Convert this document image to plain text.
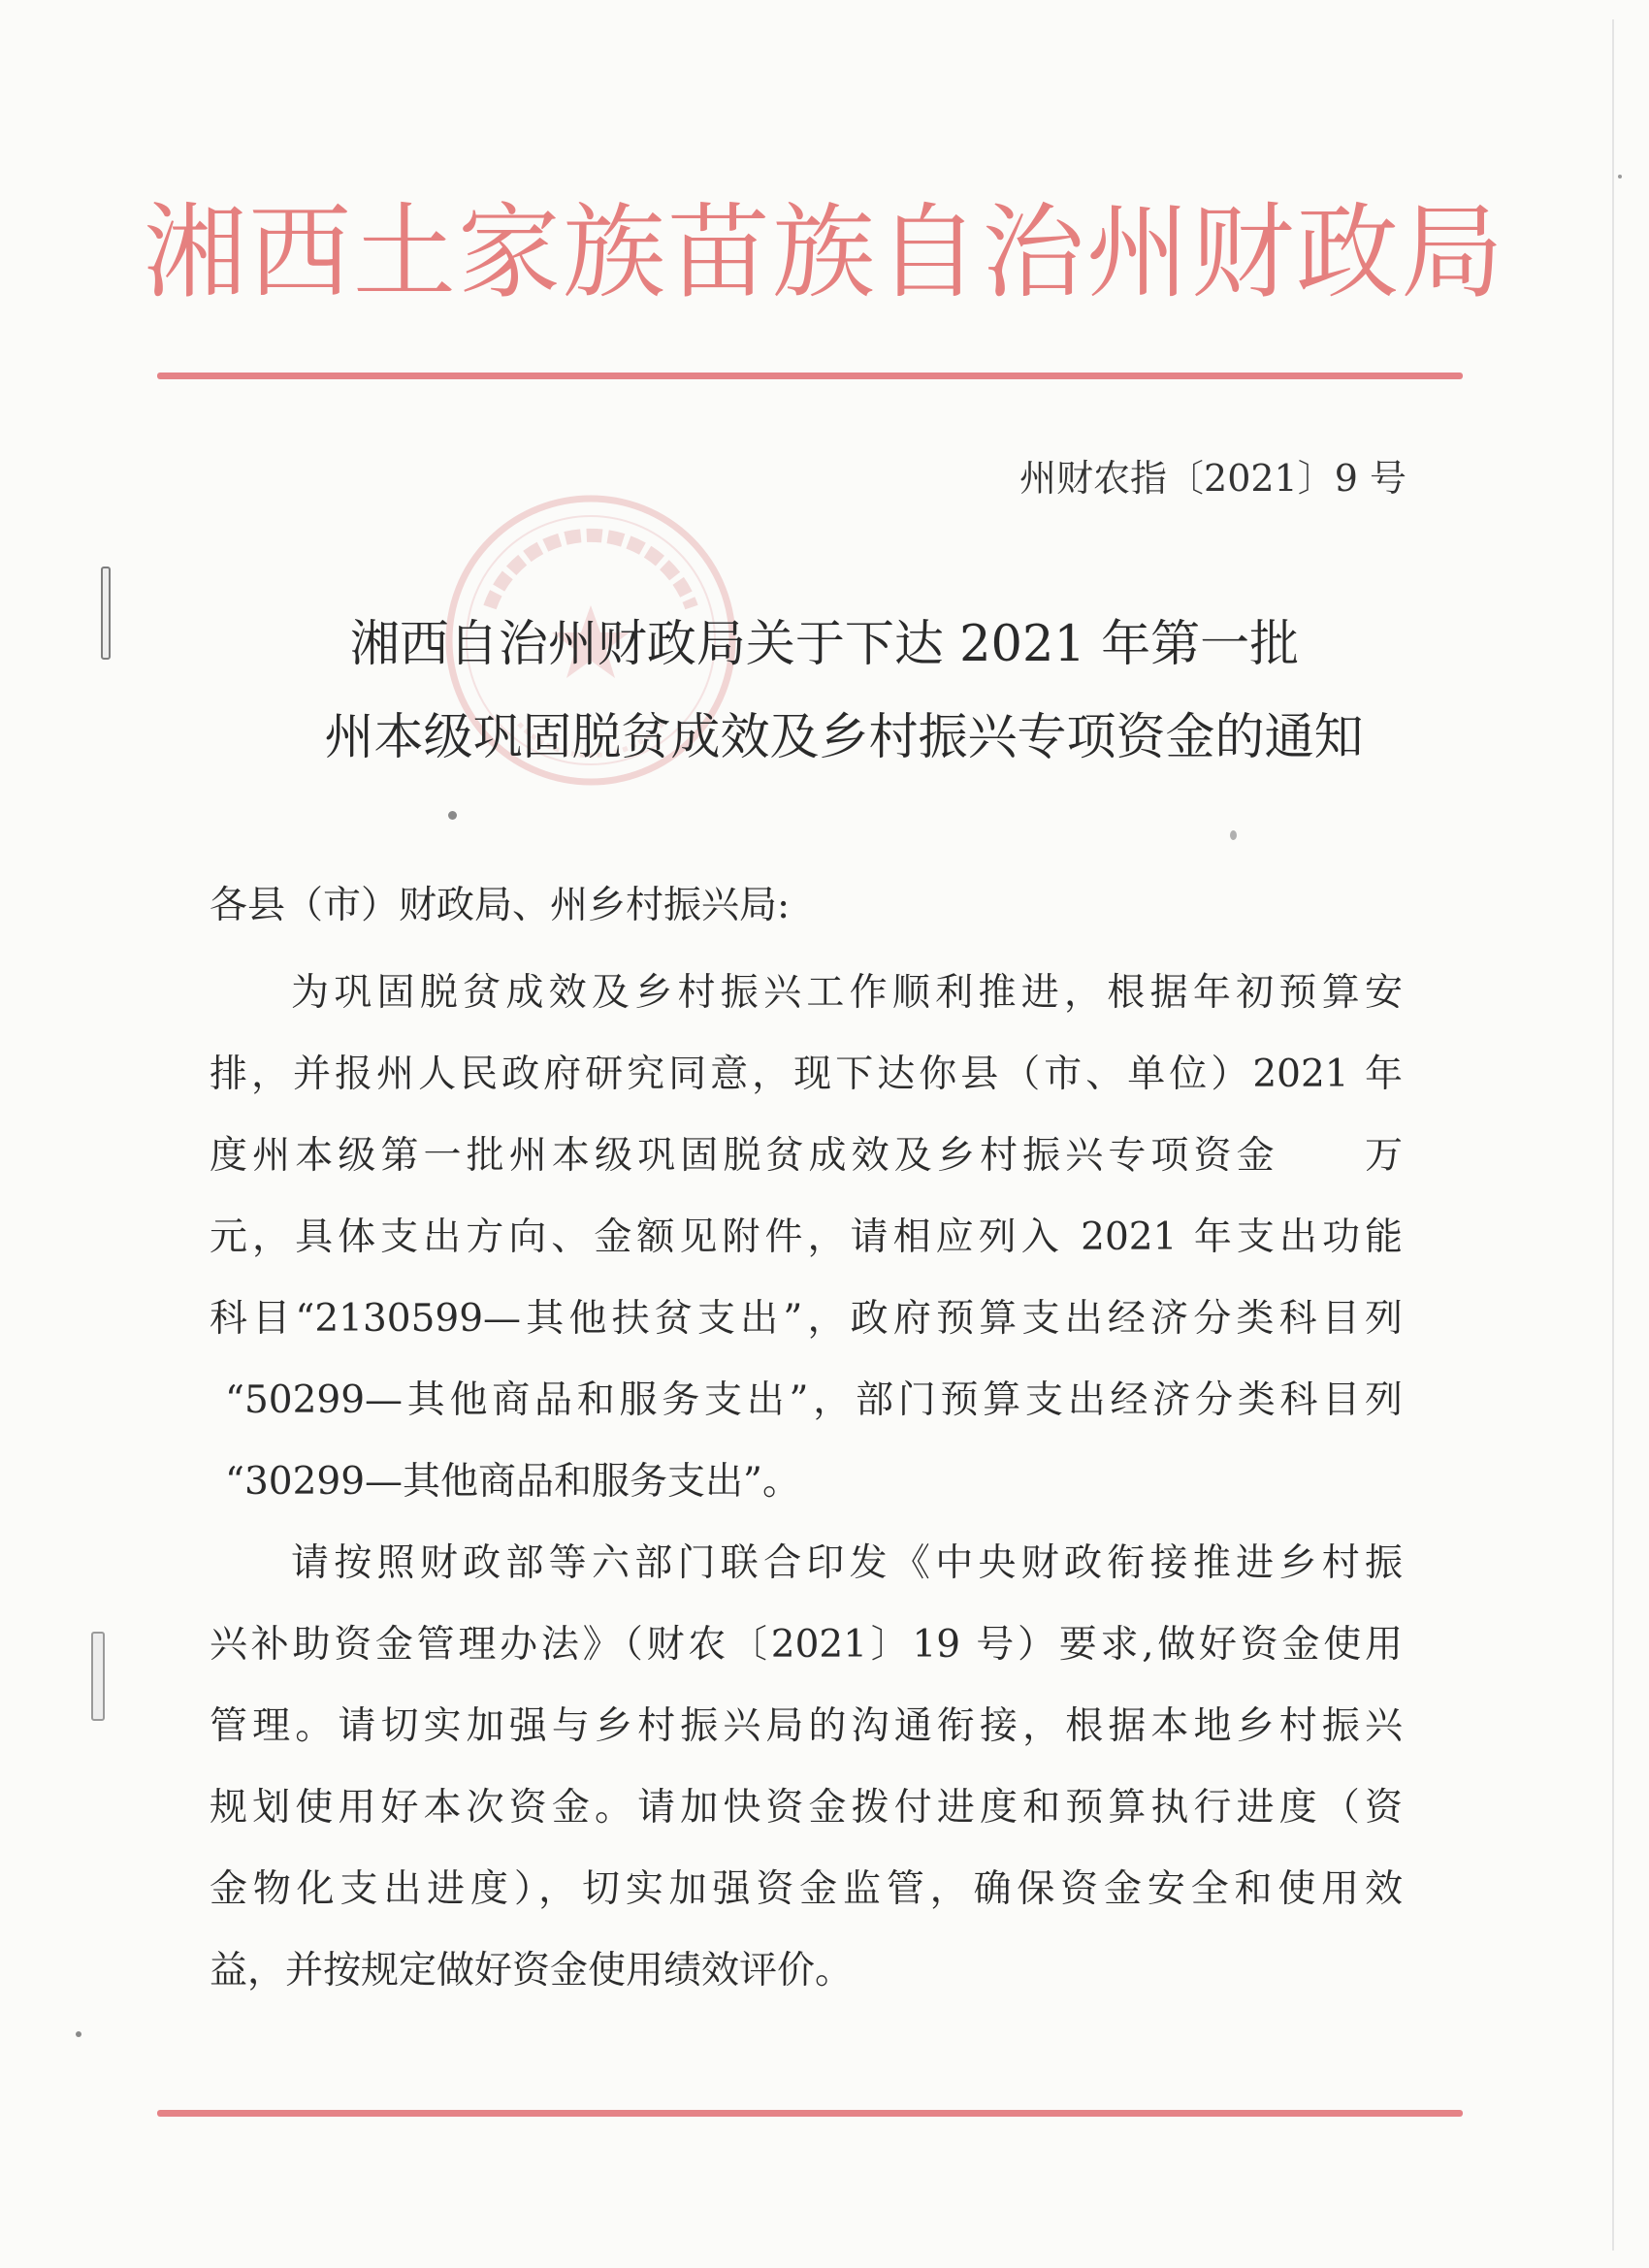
湘西土家族苗族自治州财政局
州财农指〔2021〕9 号
湘西自治州财政局关于下达 2021 年第一批
州本级巩固脱贫成效及乡村振兴专项资金的通知
各县（市）财政局、州乡村振兴局:
为巩固脱贫成效及乡村振兴工作顺利推进，根据年初预算安
排，并报州人民政府研究同意，现下达你县（市、单位）2021 年
度州本级第一批州本级巩固脱贫成效及乡村振兴专项资金　　万
元，具体支出方向、金额见附件，请相应列入 2021 年支出功能
科目“2130599—其他扶贫支出”，政府预算支出经济分类科目列
“50299—其他商品和服务支出”，部门预算支出经济分类科目列
“30299—其他商品和服务支出”。
请按照财政部等六部门联合印发《中央财政衔接推进乡村振
兴补助资金管理办法》（财农〔2021〕19 号）要求,做好资金使用
管理。请切实加强与乡村振兴局的沟通衔接，根据本地乡村振兴
规划使用好本次资金。请加快资金拨付进度和预算执行进度（资
金物化支出进度），切实加强资金监管，确保资金安全和使用效
益，并按规定做好资金使用绩效评价。
